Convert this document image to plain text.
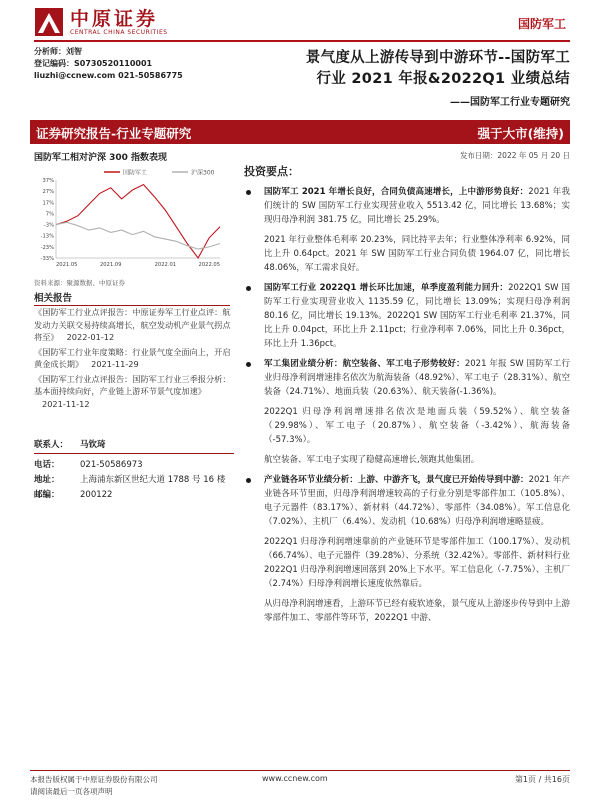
中原证券
CENTRAL CHINA SECURITIES
国防军工
分析师：刘智
登记编码：S0730520110001
liuzhi@ccnew.com 021-50586775
景气度从上游传导到中游环节--国防军工
行业 2021 年报&2022Q1 业绩总结
——国防军工行业专题研究
证券研究报告-行业专题研究	强于大市(维持)
国防军工相对沪深 300 指数表现	发布日期：2022 年 05 月 20 日
国防军工	沪深300
37%
27%
17%
7%
-3%
-13%
-23%
-33%
2021.05	2021.09	2022.01	2022.05
资料来源：聚源数据、中原证券
相关报告
《国防军工行业点评报告：中原证券军工行业点评：航发动力关联交易持续高增长，航空发动机产业景气拐点将至》 2022-01-12
《国防军工行业年度策略：行业景气度全面向上，开启黄金成长期》 2021-11-29
《国防军工行业点评报告：国防军工行业三季报分析：基本面持续向好，产业链上游环节景气度加速》2021-11-12
联系人：	马钦琦
电话：	021-50586973
地址：	上海浦东新区世纪大道 1788 号 16 楼
邮编：	200122
投资要点：
国防军工 2021 年增长良好，合同负债高速增长，上中游形势良好：2021 年我们统计的 SW 国防军工行业实现营业收入 5513.42 亿，同比增长 13.68%；实现归母净利润 381.75 亿，同比增长 25.29%。
2021 年行业整体毛利率 20.23%，同比持平去年；行业整体净利率 6.92%，同比上升 0.64pct。2021 年 SW 国防军工行业合同负债 1964.07 亿，同比增长 48.06%，军工需求良好。
国防军工行业 2022Q1 增长环比加速，单季度盈利能力回升：2022Q1 SW 国防军工行业实现营业收入 1135.59 亿，同比增长 13.09%；实现归母净利润 80.16 亿，同比增长 19.13%。2022Q1 SW 国防军工行业毛利率 21.37%，同比上升 0.04pct，环比上升 2.11pct；行业净利率 7.06%，同比上升 0.36pct，环比上升 1.36pct。
军工集团业绩分析：航空装备、军工电子形势较好：2021 年报 SW 国防军工行业归母净利润增速排名依次为航海装备（48.92%）、军工电子（28.31%）、航空装备（24.71%）、地面兵装（20.63%）、航天装备(-1.36%)。
2022Q1 归母净利润增速排名依次是地面兵装（59.52%）、航空装备（29.98%）、军工电子（20.87%）、航空装备（-3.42%）、航海装备（-57.3%）。
航空装备、军工电子实现了稳健高速增长,领跑其他集团。
产业链各环节业绩分析：上游、中游齐飞，景气度已开始传导到中游：2021 年产业链各环节里面，归母净利润增速较高的子行业分别是零部件加工（105.8%）、电子元器件（83.17%）、新材料（44.72%）、零部件（34.08%）。军工信息化（7.02%）、主机厂（6.4%）、发动机（10.68%）归母净利润增速略显疲。
2022Q1 归母净利润增速靠前的产业链环节是零部件加工（100.17%）、发动机（66.74%）、电子元器件（39.28%）、分系统（32.42%）。零部件、新材料行业 2022Q1 归母净利润增速回落到 20%上下水平。军工信息化（-7.75%）、主机厂（2.74%）归母净利润增长速度依然靠后。
从归母净利润增速看，上游环节已经有疲软迹象，景气度从上游逐步传导到中上游零部件加工、零部件等环节，2022Q1 中游、
本报告版权属于中原证券股份有限公司
请阅读最后一页各项声明
www.ccnew.com	第1页 / 共16页
